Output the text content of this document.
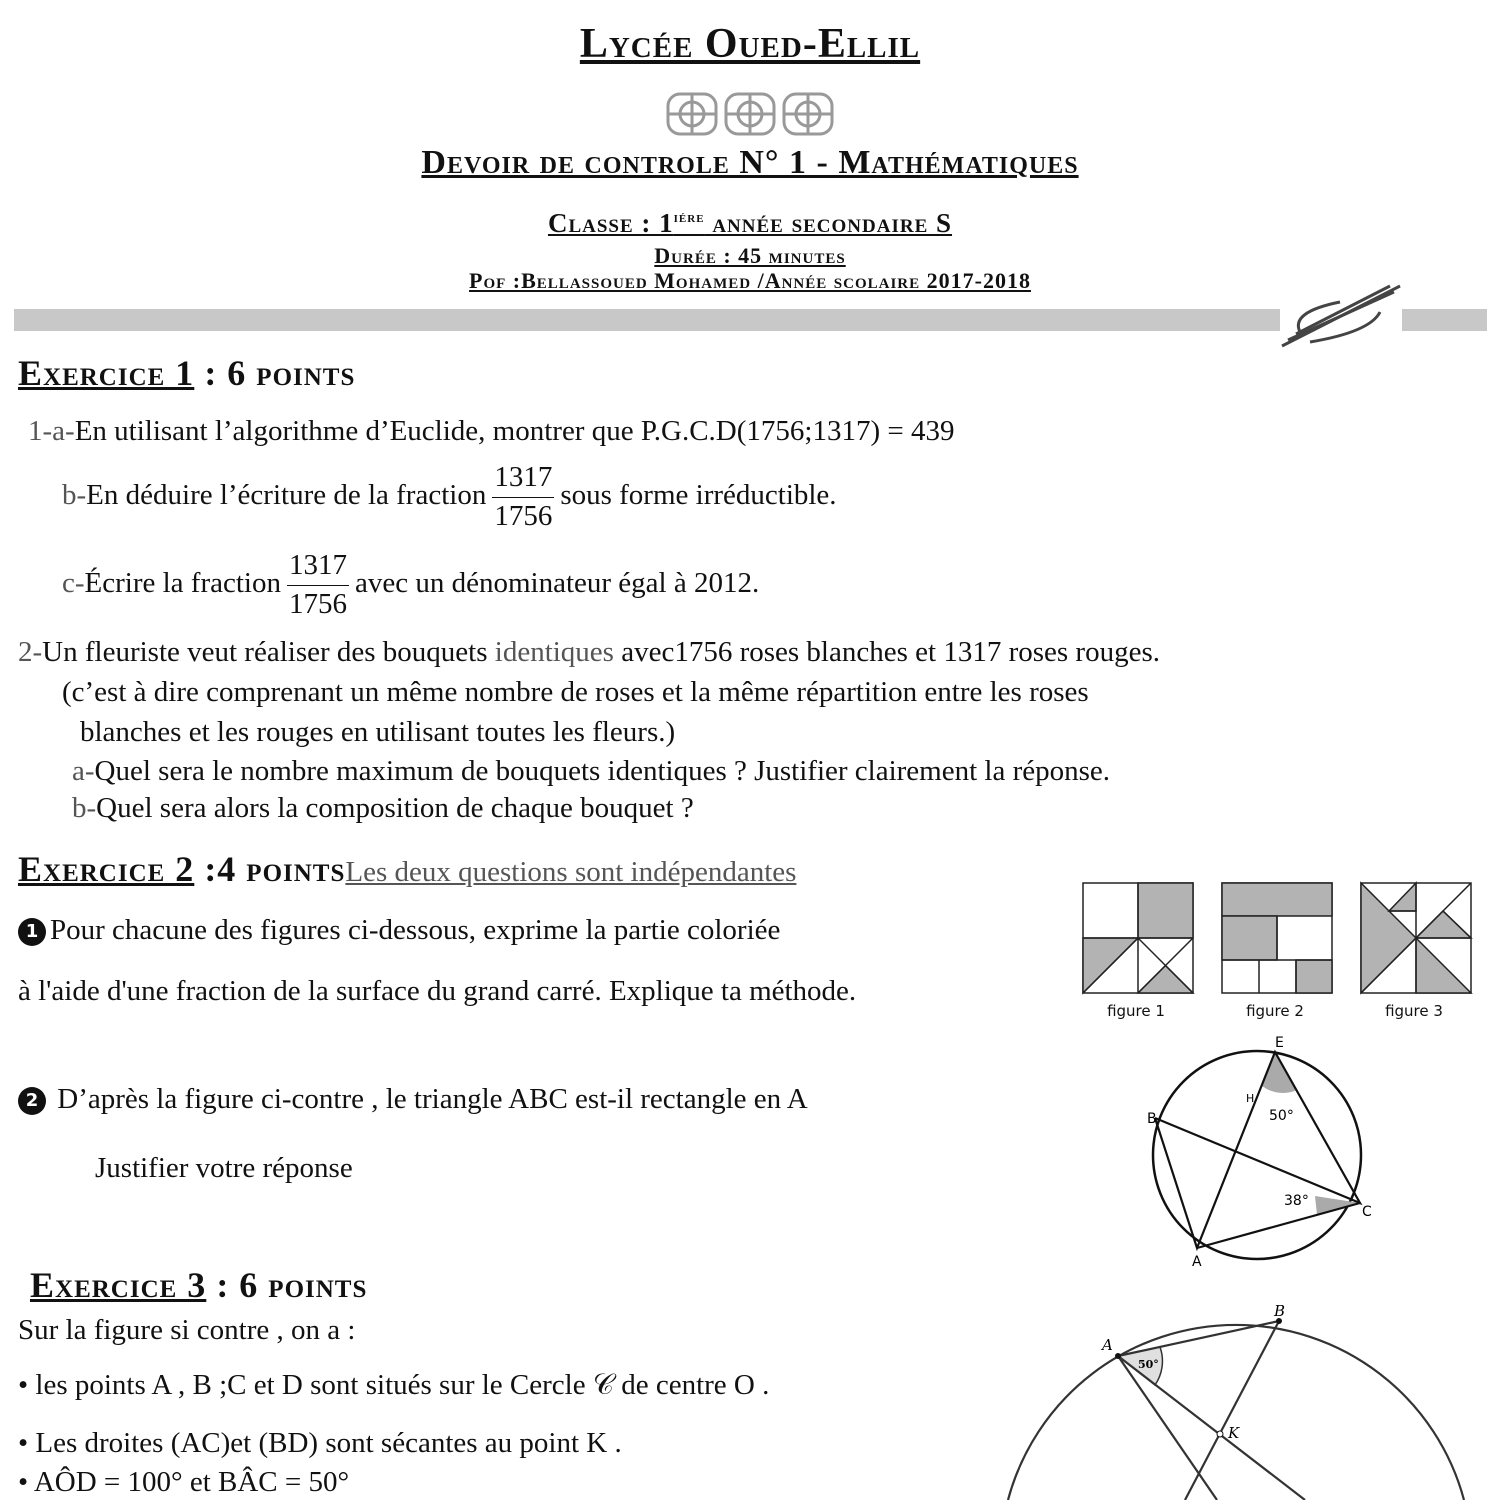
Lycée Oued-Ellil
Devoir de controle N° 1 - Mathématiques
Classe : $1^{iére}$ année secondaire S
Durée : 45 minutes
Pof :Bellassoued Mohamed /Année scolaire 2017-2018
Exercice 1 : 6 points
1-a-En utilisant l’algorithme d’Euclide, montrer que P.G.C.D(1756;1317) = 439
b-En déduire l’écriture de la fraction $\frac{1317}{1756}$ sous forme irréductible.
c-Écrire la fraction $\frac{1317}{1756}$ avec un dénominateur égal à 2012.
2-Un fleuriste veut réaliser des bouquets identiques avec1756 roses blanches et 1317 roses rouges.
(c’est à dire comprenant un même nombre de roses et la même répartition entre les roses
blanches et les rouges en utilisant toutes les fleurs.)
a-Quel sera le nombre maximum de bouquets identiques ? Justifier clairement la réponse.
b-Quel sera alors la composition de chaque bouquet ?
Exercice 2 :4 pointsLes deux questions sont indépendantes
1 Pour chacune des figures ci-dessous, exprime la partie coloriée
à l'aide d'une fraction de la surface du grand carré. Explique ta méthode.
figure 1	figure 2	figure 3
2 D’après la figure ci-contre , le triangle ABC est-il rectangle en A
Justifier votre réponse
E
B
C
A
H
50°
38°
Exercice 3 : 6 points
Sur la figure si contre , on a :
• les points A , B ;C et D sont situés sur le Cercle 𝒞 de centre O .
• Les droites (AC)et (BD) sont sécantes au point K .
• AÔD = 100° et BÂC = 50°
A
B
K
50°
